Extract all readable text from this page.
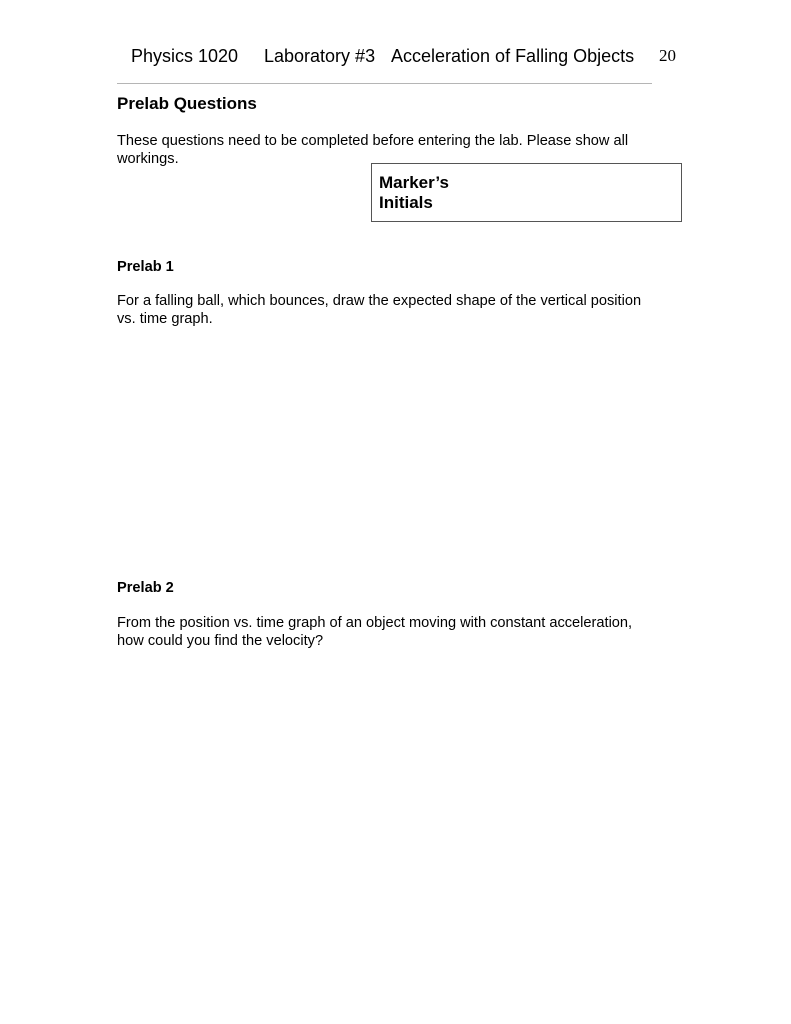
Physics 1020 Laboratory #3 Acceleration of Falling Objects 20
Prelab Questions
These questions need to be completed before entering the lab. Please show all
workings.
Marker’s
Initials
Prelab 1
For a falling ball, which bounces, draw the expected shape of the vertical position
vs. time graph.
Prelab 2
From the position vs. time graph of an object moving with constant acceleration,
how could you find the velocity?
